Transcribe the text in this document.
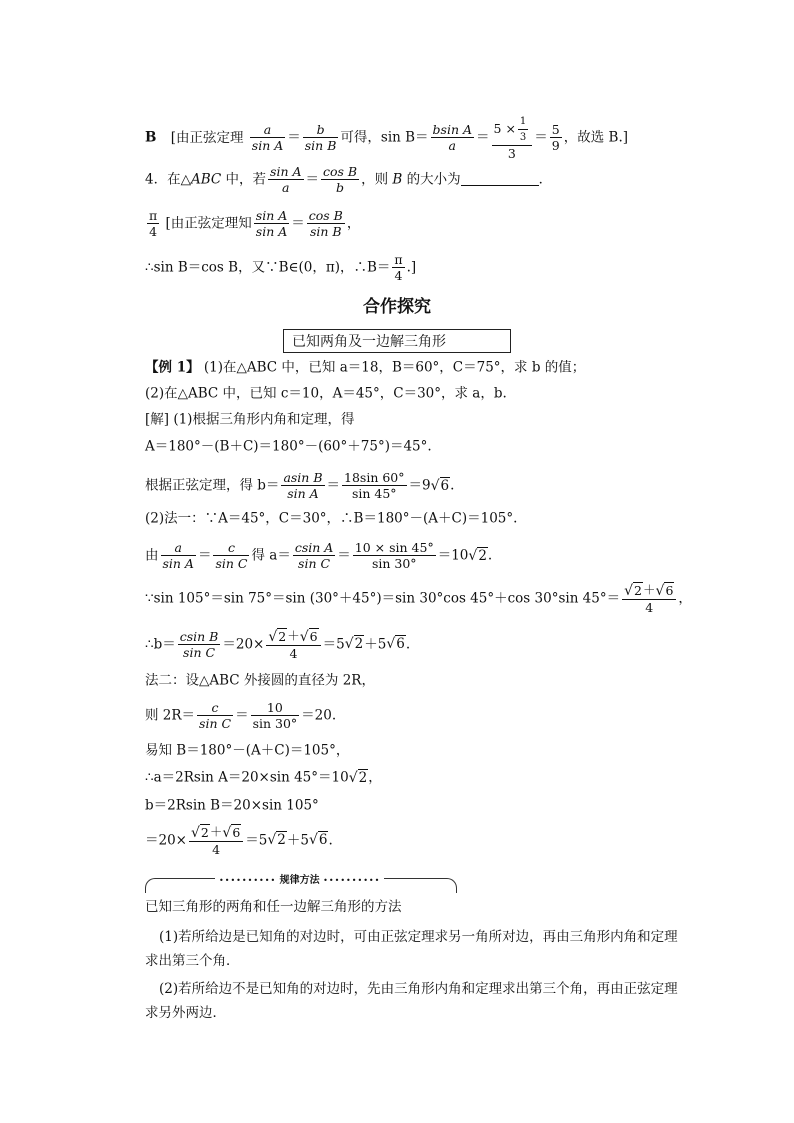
B [由正弦定理 $\frac{a}{\text{sin A}} = \frac{b}{\text{sin B}}$ 可得，$\sin B= \frac{\text{bsin A}}{a} = \frac{5 \times \frac{1}{3}}{3} = \frac{5}{9}$ ，故选 B.]
4．在△ABC 中，若 $\frac{\text{sin A}}{a} = \frac{\text{cos B}}{b}$ ，则 B 的大小为	．
$\frac{\pi}{4}$ [由正弦定理知 $\frac{\text{sin A}}{\text{sin A}} = \frac{\text{cos B}}{\text{sin B}}$ ，
∴sin B＝cos B，又∵B∈(0，π)，∴B＝ $\frac{\pi}{4}$ .]
合作探究
已知两角及一边解三角形
【例 1】 (1)在△ABC 中，已知 a＝18，B＝60°，C＝75°，求 b 的值；
(2)在△ABC 中，已知 c＝10，A＝45°，C＝30°，求 a，b.
[解] (1)根据三角形内角和定理，得
A＝180°－(B＋C)＝180°－(60°＋75°)＝45°.
根据正弦定理，得 $b= \frac{\text{asin B}}{\text{sin A}} = \frac{18\sin 60^\circ}{\sin 45^\circ} =9√6$.
(2)法一：∵A＝45°，C＝30°，∴B＝180°－(A＋C)＝105°.
由 $\frac{a}{\text{sin A}} = \frac{c}{\text{sin C}}$ 得 $a= \frac{\text{csin A}}{\text{sin C}} = \frac{10 \times \sin 45^\circ}{\sin 30^\circ} =10√2$.
∵sin 105°＝sin 75°＝sin (30°＋45°)＝sin 30°cos 45°＋cos 30°sin $45^\circ= \frac{√2+√6}{4}$ ，
∴b＝ $\frac{\text{csin B}}{\text{sin C}} =20\times \frac{√2+√6}{4} =5√2+5√6$.
法二：设△ABC 外接圆的直径为 2R，
则 $2R= \frac{c}{\text{sin C}} = \frac{10}{\sin 30^\circ} =20$.
易知 B＝180°－(A＋C)＝105°，
∴a＝2Rsin A＝20×sin 45°＝10√2，
b＝2Rsin B＝20×sin 105°
$=20\times \frac{√2+√6}{4} =5√2+5√6$.
•••••••••• 规律方法 ••••••••••
已知三角形的两角和任一边解三角形的方法
(1)若所给边是已知角的对边时，可由正弦定理求另一角所对边，再由三角形内角和定理求出第三个角．
(2)若所给边不是已知角的对边时，先由三角形内角和定理求出第三个角，再由正弦定理求另外两边．
